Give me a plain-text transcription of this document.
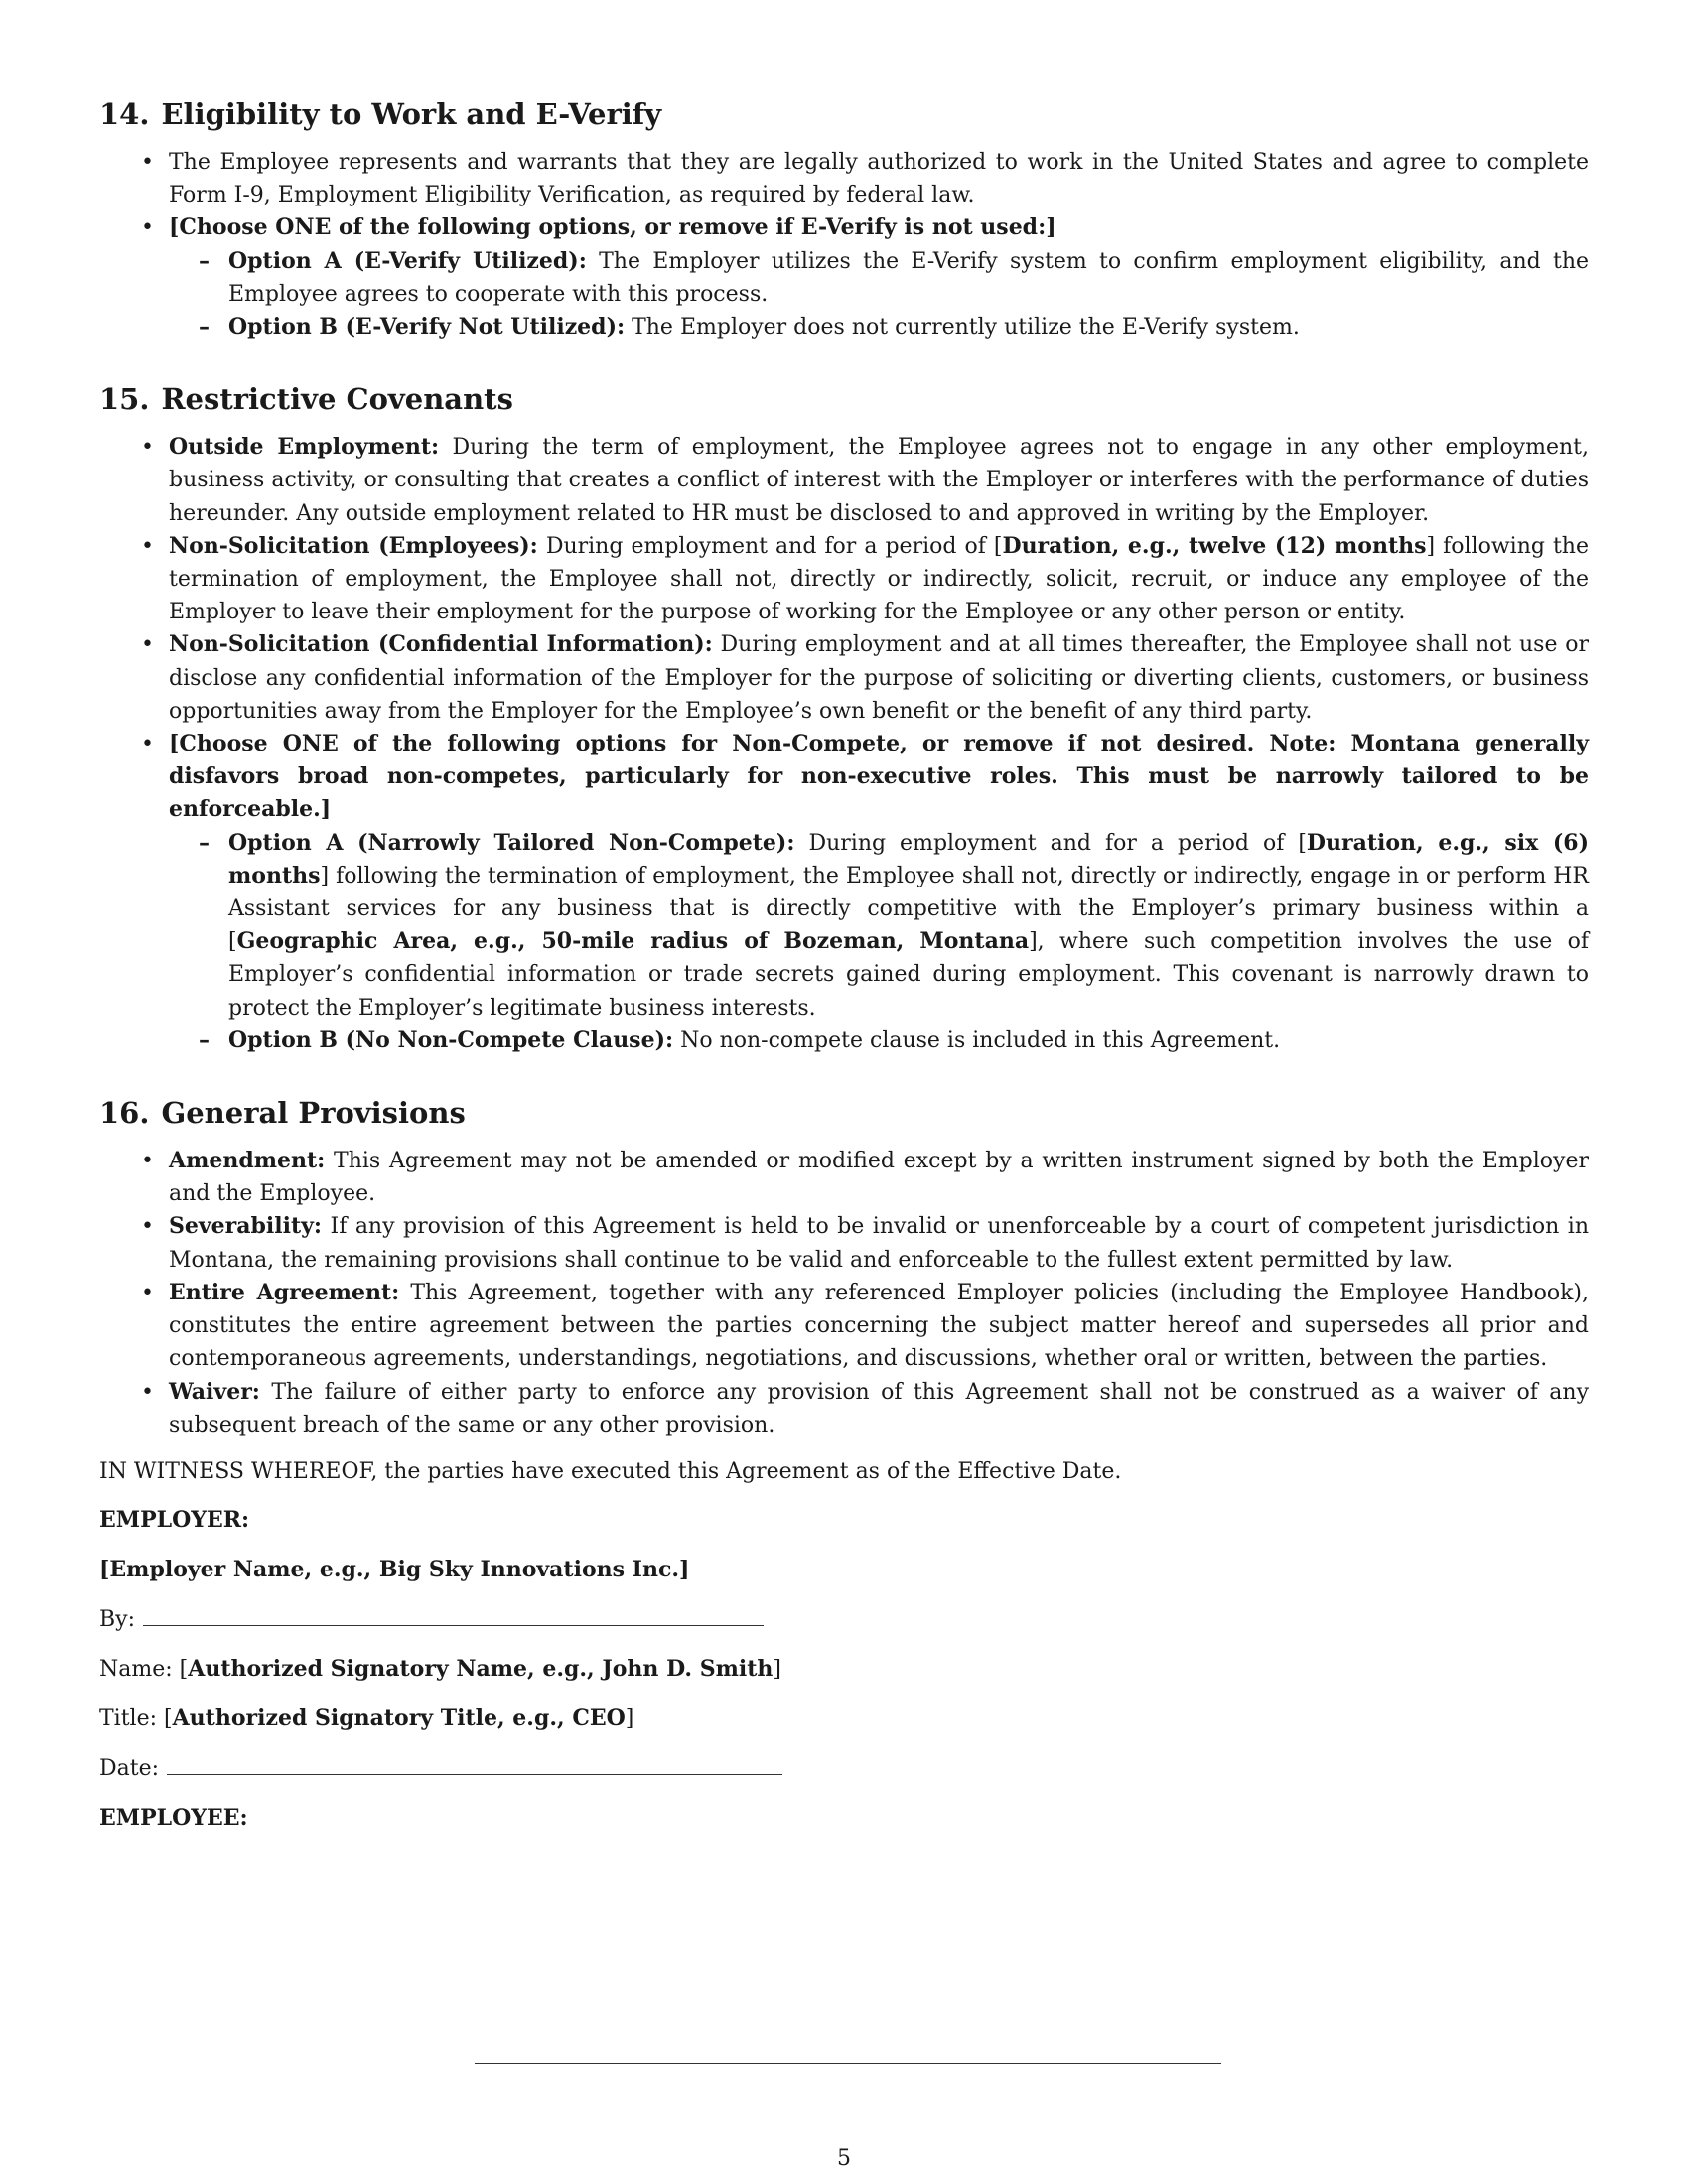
14. Eligibility to Work and E-Verify
• The Employee represents and warrants that they are legally authorized to work in the United States and agree to complete Form I-9, Employment Eligibility Verification, as required by federal law.
• [Choose ONE of the following options, or remove if E-Verify is not used:]
– Option A (E-Verify Utilized): The Employer utilizes the E-Verify system to confirm employment eligibility, and the Employee agrees to cooperate with this process.
– Option B (E-Verify Not Utilized): The Employer does not currently utilize the E-Verify system.
15. Restrictive Covenants
• Outside Employment: During the term of employment, the Employee agrees not to engage in any other employment, business activity, or consulting that creates a conflict of interest with the Employer or interferes with the performance of duties hereunder. Any outside employment related to HR must be disclosed to and approved in writing by the Employer.
• Non-Solicitation (Employees): During employment and for a period of [Duration, e.g., twelve (12) months] following the termination of employment, the Employee shall not, directly or indirectly, solicit, recruit, or induce any employee of the Employer to leave their employment for the purpose of working for the Employee or any other person or entity.
• Non-Solicitation (Confidential Information): During employment and at all times thereafter, the Employee shall not use or disclose any confidential information of the Employer for the purpose of soliciting or diverting clients, customers, or business opportunities away from the Employer for the Employee’s own benefit or the benefit of any third party.
• [Choose ONE of the following options for Non-Compete, or remove if not desired. Note: Montana generally disfavors broad non-competes, particularly for non-executive roles. This must be narrowly tailored to be enforceable.]
– Option A (Narrowly Tailored Non-Compete): During employment and for a period of [Duration, e.g., six (6) months] following the termination of employment, the Employee shall not, directly or indirectly, engage in or perform HR Assistant services for any business that is directly competitive with the Employer’s primary business within a [Geographic Area, e.g., 50-mile radius of Bozeman, Montana], where such competition involves the use of Employer’s confidential information or trade secrets gained during employment. This covenant is narrowly drawn to protect the Employer’s legitimate business interests.
– Option B (No Non-Compete Clause): No non-compete clause is included in this Agreement.
16. General Provisions
• Amendment: This Agreement may not be amended or modified except by a written instrument signed by both the Employer and the Employee.
• Severability: If any provision of this Agreement is held to be invalid or unenforceable by a court of competent jurisdiction in Montana, the remaining provisions shall continue to be valid and enforceable to the fullest extent permitted by law.
• Entire Agreement: This Agreement, together with any referenced Employer policies (including the Employee Handbook), constitutes the entire agreement between the parties concerning the subject matter hereof and supersedes all prior and contemporaneous agreements, understandings, negotiations, and discussions, whether oral or written, between the parties.
• Waiver: The failure of either party to enforce any provision of this Agreement shall not be construed as a waiver of any subsequent breach of the same or any other provision.

IN WITNESS WHEREOF, the parties have executed this Agreement as of the Effective Date.

EMPLOYER:

[Employer Name, e.g., Big Sky Innovations Inc.]

By:

Name: [Authorized Signatory Name, e.g., John D. Smith]

Title: [Authorized Signatory Title, e.g., CEO]

Date:

EMPLOYEE:

5
